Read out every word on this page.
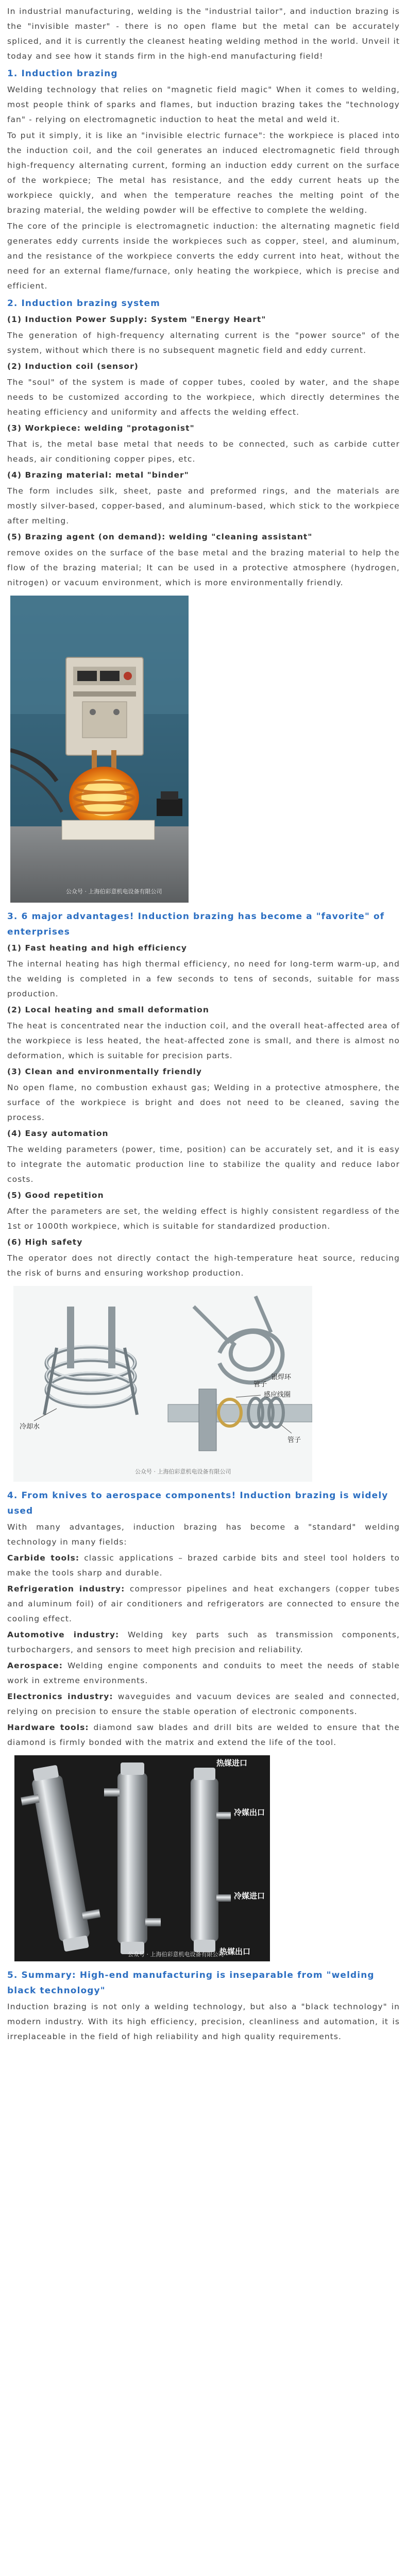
In industrial manufacturing, welding is the "industrial tailor", and induction brazing is the "invisible master" - there is no open flame but the metal can be accurately spliced, and it is currently the cleanest heating welding method in the world. Unveil it today and see how it stands firm in the high-end manufacturing field!

1. Induction brazing

Welding technology that relies on "magnetic field magic" When it comes to welding, most people think of sparks and flames, but induction brazing takes the "technology fan" - relying on electromagnetic induction to heat the metal and weld it.

To put it simply, it is like an "invisible electric furnace": the workpiece is placed into the induction coil, and the coil generates an induced electromagnetic field through high-frequency alternating current, forming an induction eddy current on the surface of the workpiece; The metal has resistance, and the eddy current heats up the workpiece quickly, and when the temperature reaches the melting point of the brazing material, the welding powder will be effective to complete the welding.

The core of the principle is electromagnetic induction: the alternating magnetic field generates eddy currents inside the workpieces such as copper, steel, and aluminum, and the resistance of the workpiece converts the eddy current into heat, without the need for an external flame/furnace, only heating the workpiece, which is precise and efficient.

2. Induction brazing system

(1) Induction Power Supply: System "Energy Heart"

The generation of high-frequency alternating current is the "power source" of the system, without which there is no subsequent magnetic field and eddy current.

(2) Induction coil (sensor)

The "soul" of the system is made of copper tubes, cooled by water, and the shape needs to be customized according to the workpiece, which directly determines the heating efficiency and uniformity and affects the welding effect.

(3) Workpiece: welding "protagonist"

That is, the metal base metal that needs to be connected, such as carbide cutter heads, air conditioning copper pipes, etc.

(4) Brazing material: metal "binder"

The form includes silk, sheet, paste and preformed rings, and the materials are mostly silver-based, copper-based, and aluminum-based, which stick to the workpiece after melting.

(5) Brazing agent (on demand): welding "cleaning assistant"

remove oxides on the surface of the base metal and the brazing material to help the flow of the brazing material; It can be used in a protective atmosphere (hydrogen, nitrogen) or vacuum environment, which is more environmentally friendly.

公众号 · 上海伯彩意机电设备有限公司
3. 6 major advantages! Induction brazing has become a "favorite" of enterprises

(1) Fast heating and high efficiency

The internal heating has high thermal efficiency, no need for long-term warm-up, and the welding is completed in a few seconds to tens of seconds, suitable for mass production.

(2) Local heating and small deformation

The heat is concentrated near the induction coil, and the overall heat-affected area of the workpiece is less heated, the heat-affected zone is small, and there is almost no deformation, which is suitable for precision parts.

(3) Clean and environmentally friendly

No open flame, no combustion exhaust gas; Welding in a protective atmosphere, the surface of the workpiece is bright and does not need to be cleaned, saving the process.

(4) Easy automation

The welding parameters (power, time, position) can be accurately set, and it is easy to integrate the automatic production line to stabilize the quality and reduce labor costs.

(5) Good repetition

After the parameters are set, the welding effect is highly consistent regardless of the 1st or 1000th workpiece, which is suitable for standardized production.

(6) High safety

The operator does not directly contact the high-temperature heat source, reducing the risk of burns and ensuring workshop production.

冷却水
管子
银焊环
感应线圈
管子
公众号 · 上海伯彩意机电设备有限公司
4. From knives to aerospace components! Induction brazing is widely used

With many advantages, induction brazing has become a "standard" welding technology in many fields:

Carbide tools: classic applications – brazed carbide bits and steel tool holders to make the tools sharp and durable.

Refrigeration industry: compressor pipelines and heat exchangers (copper tubes and aluminum foil) of air conditioners and refrigerators are connected to ensure the cooling effect.

Automotive industry: Welding key parts such as transmission components, turbochargers, and sensors to meet high precision and reliability.

Aerospace: Welding engine components and conduits to meet the needs of stable work in extreme environments.

Electronics industry: waveguides and vacuum devices are sealed and connected, relying on precision to ensure the stable operation of electronic components.

Hardware tools: diamond saw blades and drill bits are welded to ensure that the diamond is firmly bonded with the matrix and extend the life of the tool.

热媒进口
冷媒出口
冷媒进口
热媒出口
公众号 · 上海伯彩意机电设备有限公司
5. Summary: High-end manufacturing is inseparable from "welding black technology"

Induction brazing is not only a welding technology, but also a "black technology" in modern industry. With its high efficiency, precision, cleanliness and automation, it is irreplaceable in the field of high reliability and high quality requirements.
